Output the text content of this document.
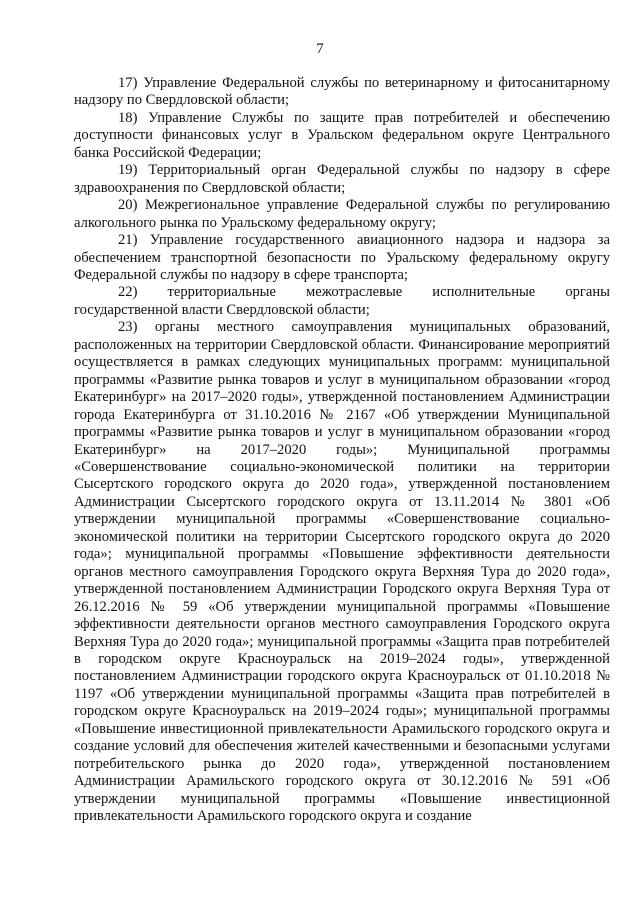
7

17) Управление Федеральной службы по ветеринарному и фитосанитарному надзору по Свердловской области;

18) Управление Службы по защите прав потребителей и обеспечению доступности финансовых услуг в Уральском федеральном округе Центрального банка Российской Федерации;

19) Территориальный орган Федеральной службы по надзору в сфере здравоохранения по Свердловской области;

20) Межрегиональное управление Федеральной службы по регулированию алкогольного рынка по Уральскому федеральному округу;

21) Управление государственного авиационного надзора и надзора за обеспечением транспортной безопасности по Уральскому федеральному округу Федеральной службы по надзору в сфере транспорта;

22) территориальные межотраслевые исполнительные органы государственной власти Свердловской области;

23) органы местного самоуправления муниципальных образований, расположенных на территории Свердловской области. Финансирование мероприятий осуществляется в рамках следующих муниципальных программ: муниципальной программы «Развитие рынка товаров и услуг в муниципальном образовании «город Екатеринбург» на 2017–2020 годы», утвержденной постановлением Администрации города Екатеринбурга от 31.10.2016 № 2167 «Об утверждении Муниципальной программы «Развитие рынка товаров и услуг в муниципальном образовании «город Екатеринбург» на 2017–2020 годы»; Муниципальной программы «Совершенствование социально-экономической политики на территории Сысертского городского округа до 2020 года», утвержденной постановлением Администрации Сысертского городского округа от 13.11.2014 № 3801 «Об утверждении муниципальной программы «Совершенствование социально-экономической политики на территории Сысертского городского округа до 2020 года»; муниципальной программы «Повышение эффективности деятельности органов местного самоуправления Городского округа Верхняя Тура до 2020 года», утвержденной постановлением Администрации Городского округа Верхняя Тура от 26.12.2016 № 59 «Об утверждении муниципальной программы «Повышение эффективности деятельности органов местного самоуправления Городского округа Верхняя Тура до 2020 года»; муниципальной программы «Защита прав потребителей в городском округе Красноуральск на 2019–2024 годы», утвержденной постановлением Администрации городского округа Красноуральск от 01.10.2018 № 1197 «Об утверждении муниципальной программы «Защита прав потребителей в городском округе Красноуральск на 2019–2024 годы»; муниципальной программы «Повышение инвестиционной привлекательности Арамильского городского округа и создание условий для обеспечения жителей качественными и безопасными услугами потребительского рынка до 2020 года», утвержденной постановлением Администрации Арамильского городского округа от 30.12.2016 № 591 «Об утверждении муниципальной программы «Повышение инвестиционной привлекательности Арамильского городского округа и создание
